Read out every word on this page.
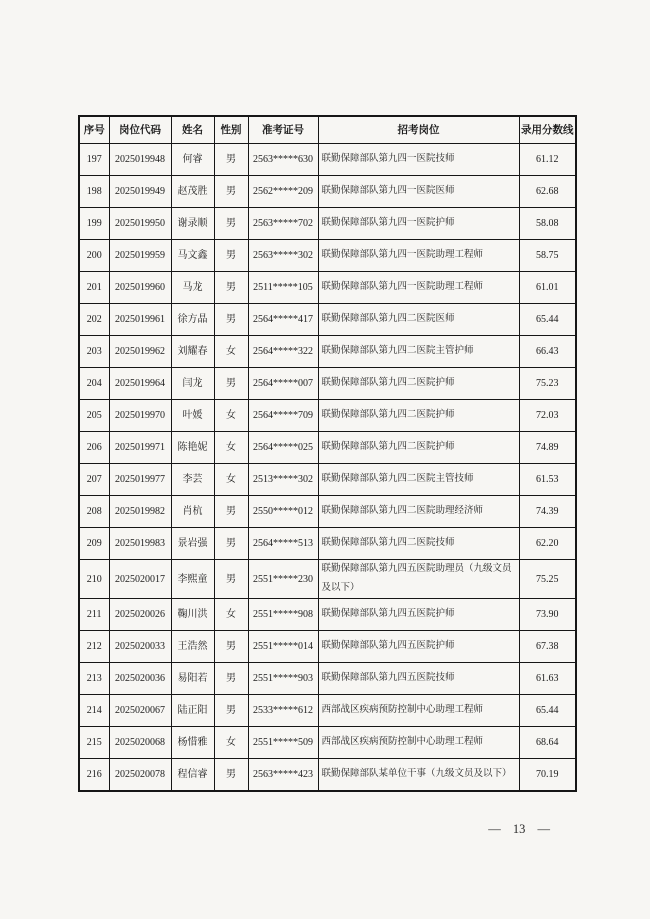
序号	岗位代码	姓名	性别	准考证号	招考岗位	录用分数线
197	2025019948	何睿	男	2563*****630	联勤保障部队第九四一医院技师	61.12
198	2025019949	赵茂胜	男	2562*****209	联勤保障部队第九四一医院医师	62.68
199	2025019950	谢录顺	男	2563*****702	联勤保障部队第九四一医院护师	58.08
200	2025019959	马文鑫	男	2563*****302	联勤保障部队第九四一医院助理工程师	58.75
201	2025019960	马龙	男	2511*****105	联勤保障部队第九四一医院助理工程师	61.01
202	2025019961	徐方晶	男	2564*****417	联勤保障部队第九四二医院医师	65.44
203	2025019962	刘耀春	女	2564*****322	联勤保障部队第九四二医院主管护师	66.43
204	2025019964	闫龙	男	2564*****007	联勤保障部队第九四二医院护师	75.23
205	2025019970	叶媛	女	2564*****709	联勤保障部队第九四二医院护师	72.03
206	2025019971	陈艳妮	女	2564*****025	联勤保障部队第九四二医院护师	74.89
207	2025019977	李芸	女	2513*****302	联勤保障部队第九四二医院主管技师	61.53
208	2025019982	肖杭	男	2550*****012	联勤保障部队第九四二医院助理经济师	74.39
209	2025019983	景岩强	男	2564*****513	联勤保障部队第九四二医院技师	62.20
210	2025020017	李熙童	男	2551*****230	联勤保障部队第九四五医院助理员（九级文员及以下）	75.25
211	2025020026	鞠川洪	女	2551*****908	联勤保障部队第九四五医院护师	73.90
212	2025020033	王浩然	男	2551*****014	联勤保障部队第九四五医院护师	67.38
213	2025020036	易阳若	男	2551*****903	联勤保障部队第九四五医院技师	61.63
214	2025020067	陆正阳	男	2533*****612	西部战区疾病预防控制中心助理工程师	65.44
215	2025020068	杨惜雅	女	2551*****509	西部战区疾病预防控制中心助理工程师	68.64
216	2025020078	程信睿	男	2563*****423	联勤保障部队某单位干事（九级文员及以下）	70.19
— 13 —
